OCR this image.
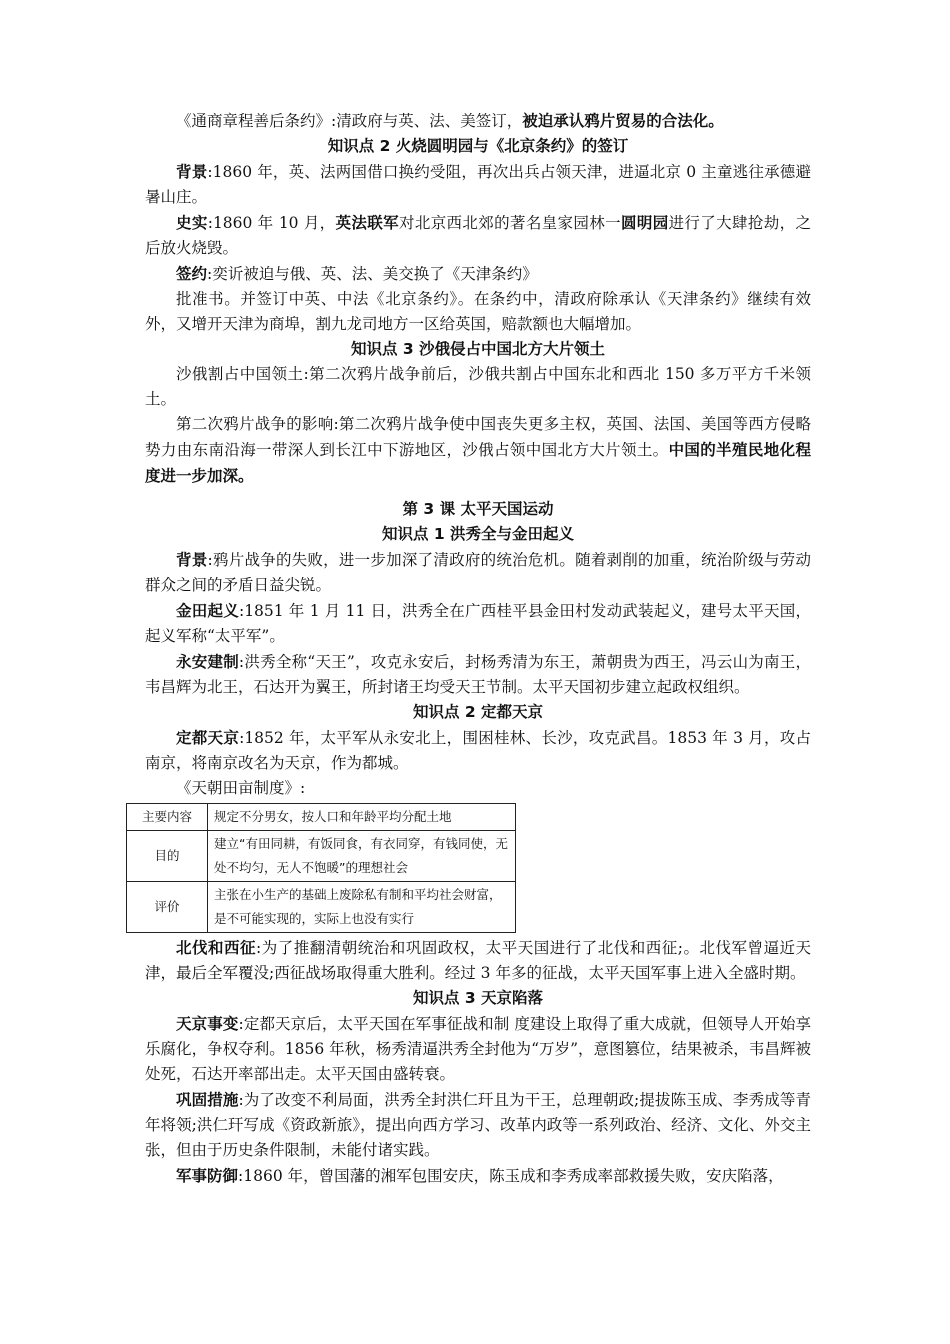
《通商章程善后条约》:清政府与英、法、美签订，被迫承认鸦片贸易的合法化。

知识点 2 火烧圆明园与《北京条约》的签订

背景:1860 年，英、法两国借口换约受阻，再次出兵占领天津，进逼北京 0 主童逃往承德避暑山庄。

史实:1860 年 10 月，英法联军对北京西北郊的著名皇家园林一圆明园进行了大肆抢劫，之后放火烧毁。

签约:奕䜣被迫与俄、英、法、美交换了《天津条约》

批准书。并签订中英、中法《北京条约》。在条约中，清政府除承认《天津条约》继续有效外，又增开天津为商埠，割九龙司地方一区给英国，赔款额也大幅增加。

知识点 3 沙俄侵占中国北方大片领土

沙俄割占中国领土:第二次鸦片战争前后，沙俄共割占中国东北和西北 150 多万平方千米领土。

第二次鸦片战争的影响:第二次鸦片战争使中国丧失更多主权，英国、法国、美国等西方侵略势力由东南沿海一带深人到长江中下游地区，沙俄占领中国北方大片领土。中国的半殖民地化程度进一步加深。

第 3 课 太平天国运动

知识点 1 洪秀全与金田起义

背景:鸦片战争的失败，进一步加深了清政府的统治危机。随着剥削的加重，统治阶级与劳动群众之间的矛盾日益尖锐。

金田起义:1851 年 1 月 11 日，洪秀全在广西桂平县金田村发动武装起义，建号太平天国，起义军称“太平军”。

永安建制:洪秀全称“天王”，攻克永安后，封杨秀清为东王，萧朝贵为西王，冯云山为南王，韦昌辉为北王，石达开为翼王，所封诸王均受天王节制。太平天国初步建立起政权组织。

知识点 2 定都天京

定都天京:1852 年，太平军从永安北上，围困桂林、长沙，攻克武昌。1853 年 3 月，攻占南京，将南京改名为天京，作为都城。

《天朝田亩制度》:

主要内容	规定不分男女，按人口和年龄平均分配土地
目的	建立“有田同耕，有饭同食，有衣同穿，有钱同使，无处不均匀，无人不饱暖”的理想社会
评价	主张在小生产的基础上废除私有制和平均社会财富，是不可能实现的，实际上也没有实行

北伐和西征:为了推翻清朝统治和巩固政权，太平天国进行了北伐和西征;。北伐军曾逼近天津，最后全军覆没;西征战场取得重大胜利。经过 3 年多的征战，太平天国军事上进入全盛时期。

知识点 3 天京陷落

天京事变:定都天京后，太平天国在军事征战和制 度建设上取得了重大成就，但领导人开始享乐腐化，争权夺利。1856 年秋，杨秀清逼洪秀全封他为“万岁”，意图篡位，结果被杀，韦昌辉被处死，石达开率部出走。太平天国由盛转衰。

巩固措施:为了改变不利局面，洪秀全封洪仁玕且为干王，总理朝政;提拔陈玉成、李秀成等青年将领;洪仁玕写成《资政新旅》，提出向西方学习、改革内政等一系列政治、经济、文化、外交主张，但由于历史条件限制，未能付诸实践。

军事防御:1860 年，曾国藩的湘军包围安庆，陈玉成和李秀成率部救援失败，安庆陷落，
